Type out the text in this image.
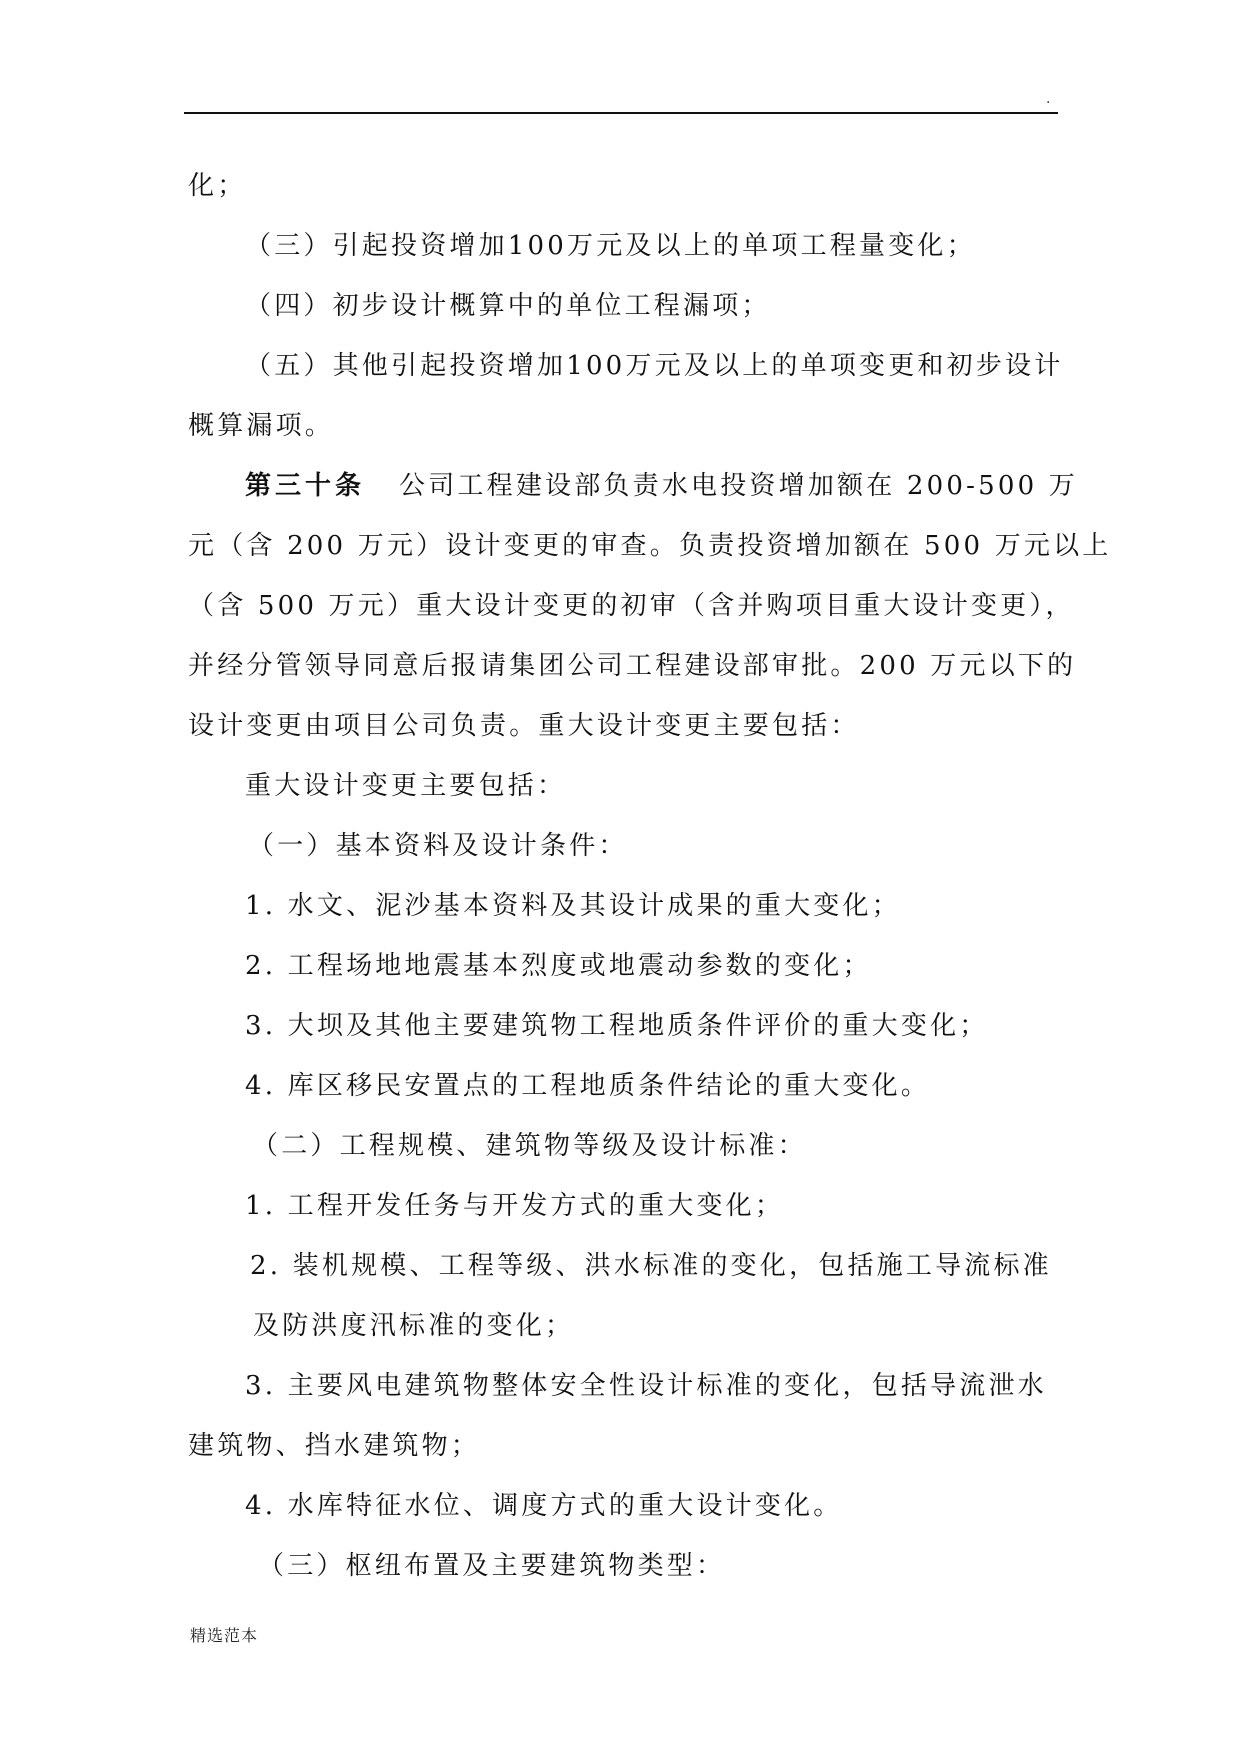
.
化；
（三）引起投资增加100万元及以上的单项工程量变化；
（四）初步设计概算中的单位工程漏项；
（五）其他引起投资增加100万元及以上的单项变更和初步设计
概算漏项。
第三十条 公司工程建设部负责水电投资增加额在 200-500 万
元（含 200 万元）设计变更的审查。负责投资增加额在 500 万元以上
（含 500 万元）重大设计变更的初审（含并购项目重大设计变更），
并经分管领导同意后报请集团公司工程建设部审批。200 万元以下的
设计变更由项目公司负责。重大设计变更主要包括：
重大设计变更主要包括：
（一）基本资料及设计条件：
1. 水文、泥沙基本资料及其设计成果的重大变化；
2. 工程场地地震基本烈度或地震动参数的变化；
3. 大坝及其他主要建筑物工程地质条件评价的重大变化；
4. 库区移民安置点的工程地质条件结论的重大变化。
（二）工程规模、建筑物等级及设计标准：
1. 工程开发任务与开发方式的重大变化；
2. 装机规模、工程等级、洪水标准的变化，包括施工导流标准
及防洪度汛标准的变化；
3. 主要风电建筑物整体安全性设计标准的变化，包括导流泄水
建筑物、挡水建筑物；
4. 水库特征水位、调度方式的重大设计变化。
（三）枢纽布置及主要建筑物类型：
精选范本
